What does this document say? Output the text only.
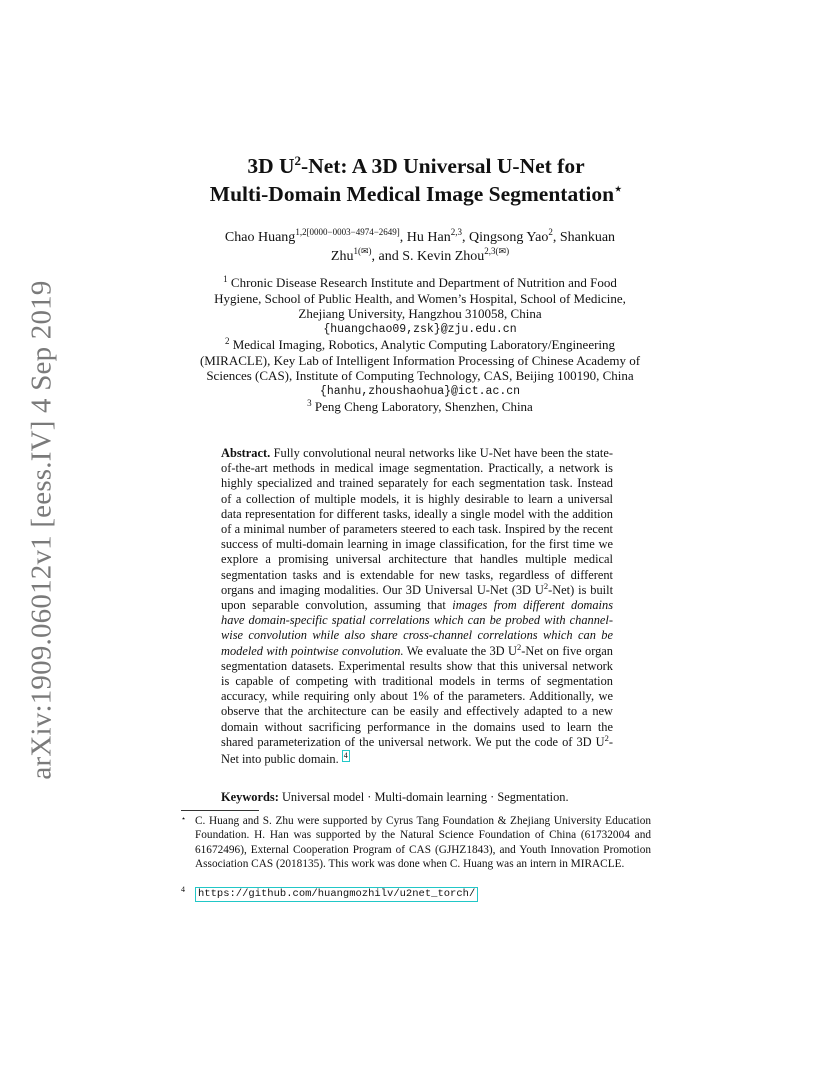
arXiv:1909.06012v1 [eess.IV] 4 Sep 2019
3D $U^2$-Net: A 3D Universal U-Net for
Multi-Domain Medical Image Segmentation⋆
Chao Huang$^{1,2[0000-0003-4974-2649]}$, Hu Han$^{2,3}$, Qingsong Yao$^2$, Shankuan
Zhu$^{1(✉)}$, and S. Kevin Zhou$^{2,3(✉)}$
$^1$ Chronic Disease Research Institute and Department of Nutrition and Food
Hygiene, School of Public Health, and Women’s Hospital, School of Medicine,
Zhejiang University, Hangzhou 310058, China
{huangchao09,zsk}@zju.edu.cn
$^2$ Medical Imaging, Robotics, Analytic Computing Laboratory/Engineering
(MIRACLE), Key Lab of Intelligent Information Processing of Chinese Academy of
Sciences (CAS), Institute of Computing Technology, CAS, Beijing 100190, China
{hanhu,zhoushaohua}@ict.ac.cn
$^3$ Peng Cheng Laboratory, Shenzhen, China
Abstract. Fully convolutional neural networks like U-Net have been the state-of-the-art methods in medical image segmentation. Practically, a network is highly specialized and trained separately for each segmentation task. Instead of a collection of multiple models, it is highly desirable to learn a universal data representation for different tasks, ideally a single model with the addition of a minimal number of parameters steered to each task. Inspired by the recent success of multi-domain learning in image classification, for the first time we explore a promising universal architecture that handles multiple medical segmentation tasks and is extendable for new tasks, regardless of different organs and imaging modalities. Our 3D Universal U-Net (3D $U^2-Net$) is built upon separable convolution, assuming that images from different domains have domain-specific spatial correlations which can be probed with channel-wise convolution while also share cross-channel correlations which can be modeled with pointwise convolution. We evaluate the 3D $U^2$-Net on five organ segmentation datasets. Experimental results show that this universal network is capable of competing with traditional models in terms of segmentation accuracy, while requiring only about 1% of the parameters. Additionally, we observe that the architecture can be easily and effectively adapted to a new domain without sacrificing performance in the domains used to learn the shared parameterization of the universal network. We put the code of 3D $U^2$-Net into public domain. 4
Keywords: Universal model · Multi-domain learning · Segmentation.
⋆ C. Huang and S. Zhu were supported by Cyrus Tang Foundation & Zhejiang University Education Foundation. H. Han was supported by the Natural Science Foundation of China (61732004 and 61672496), External Cooperation Program of CAS (GJHZ1843), and Youth Innovation Promotion Association CAS (2018135). This work was done when C. Huang was an intern in MIRACLE.
4 https://github.com/huangmozhilv/u2net_torch/
